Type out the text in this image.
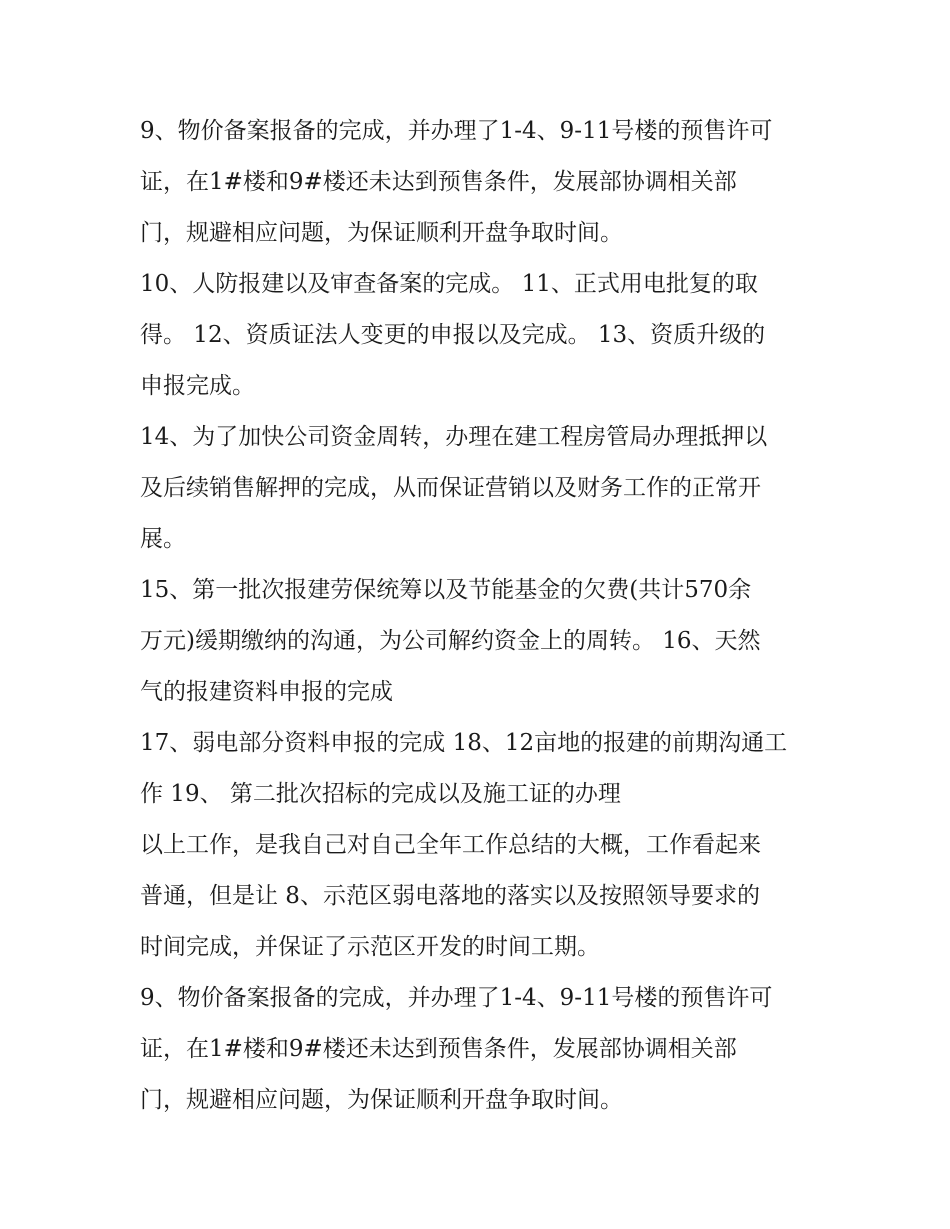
9、物价备案报备的完成，并办理了1-4、9-11号楼的预售许可
证，在1#楼和9#楼还未达到预售条件，发展部协调相关部
门，规避相应问题，为保证顺利开盘争取时间。
10、人防报建以及审查备案的完成。 11、正式用电批复的取
得。 12、资质证法人变更的申报以及完成。 13、资质升级的
申报完成。
14、为了加快公司资金周转，办理在建工程房管局办理抵押以
及后续销售解押的完成，从而保证营销以及财务工作的正常开
展。
15、第一批次报建劳保统筹以及节能基金的欠费(共计570余
万元)缓期缴纳的沟通，为公司解约资金上的周转。 16、天然
气的报建资料申报的完成
17、弱电部分资料申报的完成 18、12亩地的报建的前期沟通工
作 19、 第二批次招标的完成以及施工证的办理
以上工作，是我自己对自己全年工作总结的大概，工作看起来
普通，但是让 8、示范区弱电落地的落实以及按照领导要求的
时间完成，并保证了示范区开发的时间工期。
9、物价备案报备的完成，并办理了1-4、9-11号楼的预售许可
证，在1#楼和9#楼还未达到预售条件，发展部协调相关部
门，规避相应问题，为保证顺利开盘争取时间。
